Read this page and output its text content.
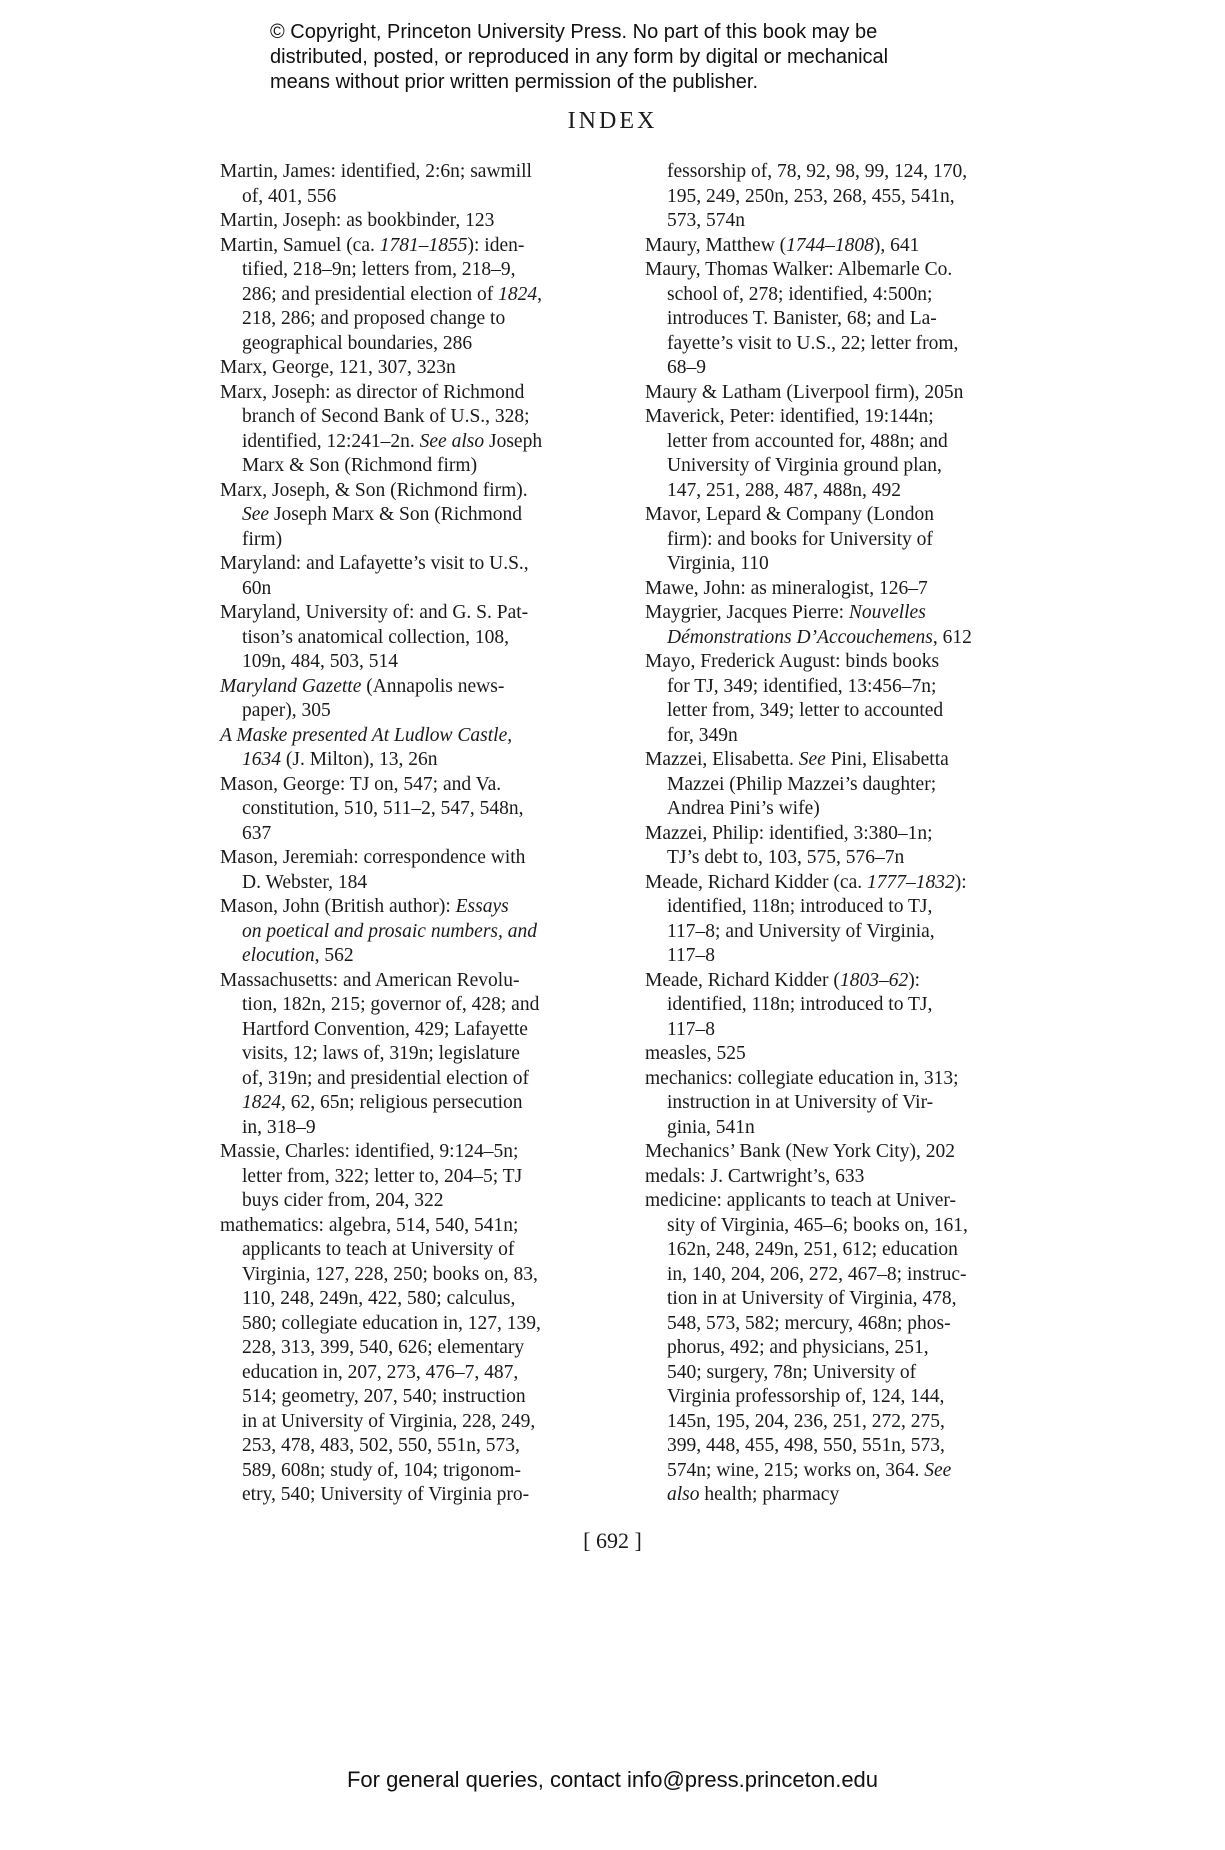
© Copyright, Princeton University Press. No part of this book may be
distributed, posted, or reproduced in any form by digital or mechanical
means without prior written permission of the publisher.
INDEX
Martin, James: identified, 2:6n; sawmill
of, 401, 556
Martin, Joseph: as bookbinder, 123
Martin, Samuel (ca. 1781–1855): iden-
tified, 218–9n; letters from, 218–9,
286; and presidential election of 1824,
218, 286; and proposed change to
geographical boundaries, 286
Marx, George, 121, 307, 323n
Marx, Joseph: as director of Richmond
branch of Second Bank of U.S., 328;
identified, 12:241–2n. See also Joseph
Marx & Son (Richmond firm)
Marx, Joseph, & Son (Richmond firm).
See Joseph Marx & Son (Richmond
firm)
Maryland: and Lafayette’s visit to U.S.,
60n
Maryland, University of: and G. S. Pat-
tison’s anatomical collection, 108,
109n, 484, 503, 514
Maryland Gazette (Annapolis news-
paper), 305
A Maske presented At Ludlow Castle,
1634 (J. Milton), 13, 26n
Mason, George: TJ on, 547; and Va.
constitution, 510, 511–2, 547, 548n,
637
Mason, Jeremiah: correspondence with
D. Webster, 184
Mason, John (British author): Essays
on poetical and prosaic numbers, and
elocution, 562
Massachusetts: and American Revolu-
tion, 182n, 215; governor of, 428; and
Hartford Convention, 429; Lafayette
visits, 12; laws of, 319n; legislature
of, 319n; and presidential election of
1824, 62, 65n; religious persecution
in, 318–9
Massie, Charles: identified, 9:124–5n;
letter from, 322; letter to, 204–5; TJ
buys cider from, 204, 322
mathematics: algebra, 514, 540, 541n;
applicants to teach at University of
Virginia, 127, 228, 250; books on, 83,
110, 248, 249n, 422, 580; calculus,
580; collegiate education in, 127, 139,
228, 313, 399, 540, 626; elementary
education in, 207, 273, 476–7, 487,
514; geometry, 207, 540; instruction
in at University of Virginia, 228, 249,
253, 478, 483, 502, 550, 551n, 573,
589, 608n; study of, 104; trigonom-
etry, 540; University of Virginia pro-
fessorship of, 78, 92, 98, 99, 124, 170,
195, 249, 250n, 253, 268, 455, 541n,
573, 574n
Maury, Matthew (1744–1808), 641
Maury, Thomas Walker: Albemarle Co.
school of, 278; identified, 4:500n;
introduces T. Banister, 68; and La-
fayette’s visit to U.S., 22; letter from,
68–9
Maury & Latham (Liverpool firm), 205n
Maverick, Peter: identified, 19:144n;
letter from accounted for, 488n; and
University of Virginia ground plan,
147, 251, 288, 487, 488n, 492
Mavor, Lepard & Company (London
firm): and books for University of
Virginia, 110
Mawe, John: as mineralogist, 126–7
Maygrier, Jacques Pierre: Nouvelles
Démonstrations D’Accouchemens, 612
Mayo, Frederick August: binds books
for TJ, 349; identified, 13:456–7n;
letter from, 349; letter to accounted
for, 349n
Mazzei, Elisabetta. See Pini, Elisabetta
Mazzei (Philip Mazzei’s daughter;
Andrea Pini’s wife)
Mazzei, Philip: identified, 3:380–1n;
TJ’s debt to, 103, 575, 576–7n
Meade, Richard Kidder (ca. 1777–1832):
identified, 118n; introduced to TJ,
117–8; and University of Virginia,
117–8
Meade, Richard Kidder (1803–62):
identified, 118n; introduced to TJ,
117–8
measles, 525
mechanics: collegiate education in, 313;
instruction in at University of Vir-
ginia, 541n
Mechanics’ Bank (New York City), 202
medals: J. Cartwright’s, 633
medicine: applicants to teach at Univer-
sity of Virginia, 465–6; books on, 161,
162n, 248, 249n, 251, 612; education
in, 140, 204, 206, 272, 467–8; instruc-
tion in at University of Virginia, 478,
548, 573, 582; mercury, 468n; phos-
phorus, 492; and physicians, 251,
540; surgery, 78n; University of
Virginia professorship of, 124, 144,
145n, 195, 204, 236, 251, 272, 275,
399, 448, 455, 498, 550, 551n, 573,
574n; wine, 215; works on, 364. See
also health; pharmacy
[ 692 ]
For general queries, contact info@press.princeton.edu
